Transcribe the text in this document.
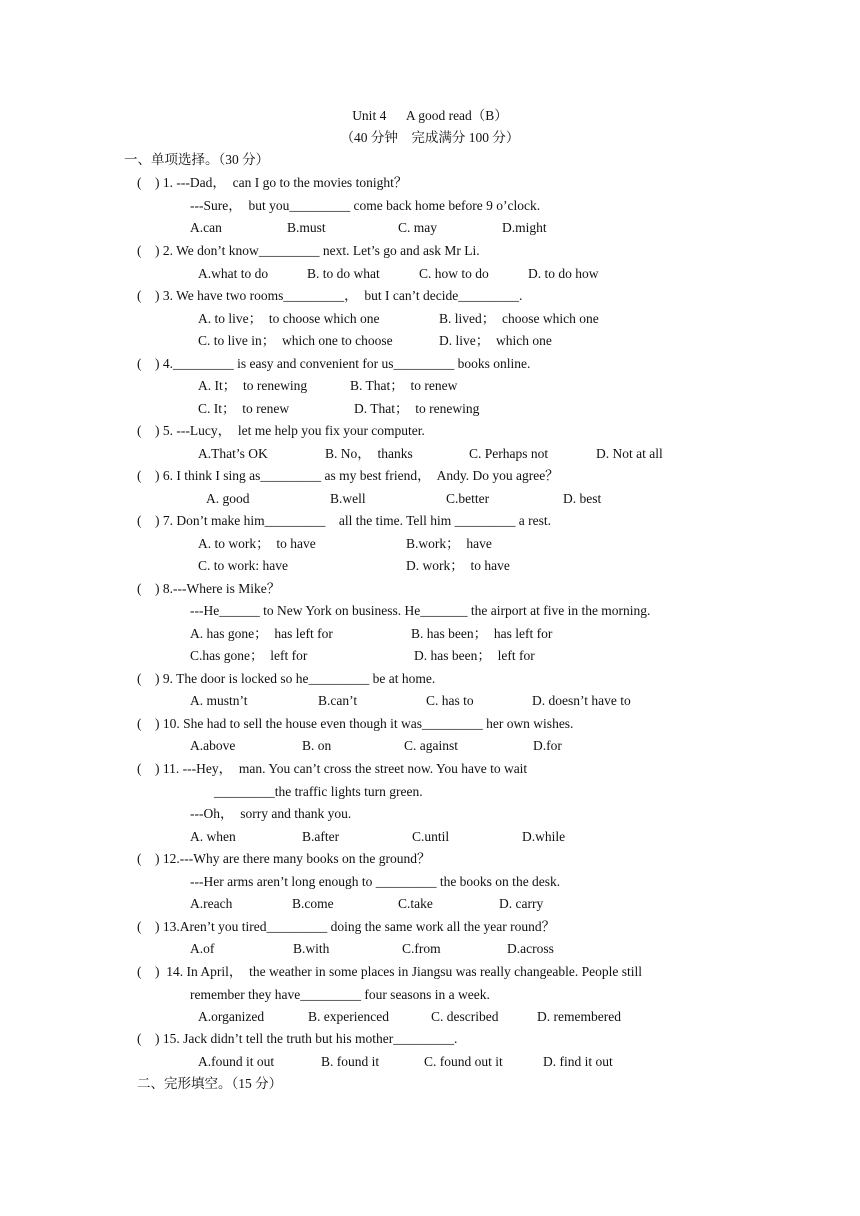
Unit 4      A good read（B）
（40 分钟    完成满分 100 分）
一、单项选择。（30 分）
(    ) 1. ---Dad，  can I go to the movies tonight？
---Sure，  but you_________ come back home before 9 o’clock.
A.can	B.must	C. may	D.might
(    ) 2. We don’t know_________ next. Let’s go and ask Mr Li.
A.what to do	B. to do what	C. how to do	D. to do how
(    ) 3. We have two rooms_________，  but I can’t decide_________.
A. to live；  to choose which one	B. lived；  choose which one
C. to live in；  which one to choose	D. live；  which one
(    ) 4._________ is easy and convenient for us_________ books online.
A. It；  to renewing	B. That；  to renew
C. It；  to renew	D. That；  to renewing
(    ) 5. ---Lucy，  let me help you fix your computer.
A.That’s OK	B. No，  thanks	C. Perhaps not	D. Not at all
(    ) 6. I think I sing as_________ as my best friend，  Andy. Do you agree？
A. good	B.well	C.better	D. best
(    ) 7. Don’t make him_________    all the time. Tell him _________ a rest.
A. to work；  to have	B.work；  have
C. to work: have	D. work；  to have
(    ) 8.---Where is Mike？
---He______ to New York on business. He_______ the airport at five in the morning.
A. has gone；  has left for	B. has been；  has left for
C.has gone；  left for	D. has been；  left for
(    ) 9. The door is locked so he_________ be at home.
A. mustn’t	B.can’t	C. has to	D. doesn’t have to
(    ) 10. She had to sell the house even though it was_________ her own wishes.
A.above	B. on	C. against	D.for
(    ) 11. ---Hey，  man. You can’t cross the street now. You have to wait
_________the traffic lights turn green.
---Oh，  sorry and thank you.
A. when	B.after	C.until	D.while
(    ) 12.---Why are there many books on the ground？
---Her arms aren’t long enough to _________ the books on the desk.
A.reach	B.come	C.take	D. carry
(    ) 13.Aren’t you tired_________ doing the same work all the year round？
A.of	B.with	C.from	D.across
(    )  14. In April，  the weather in some places in Jiangsu was really changeable. People still
remember they have_________ four seasons in a week.
A.organized	B. experienced	C. described	D. remembered
(    ) 15. Jack didn’t tell the truth but his mother_________.
A.found it out	B. found it	C. found out it	D. find it out
二、完形填空。（15 分）
